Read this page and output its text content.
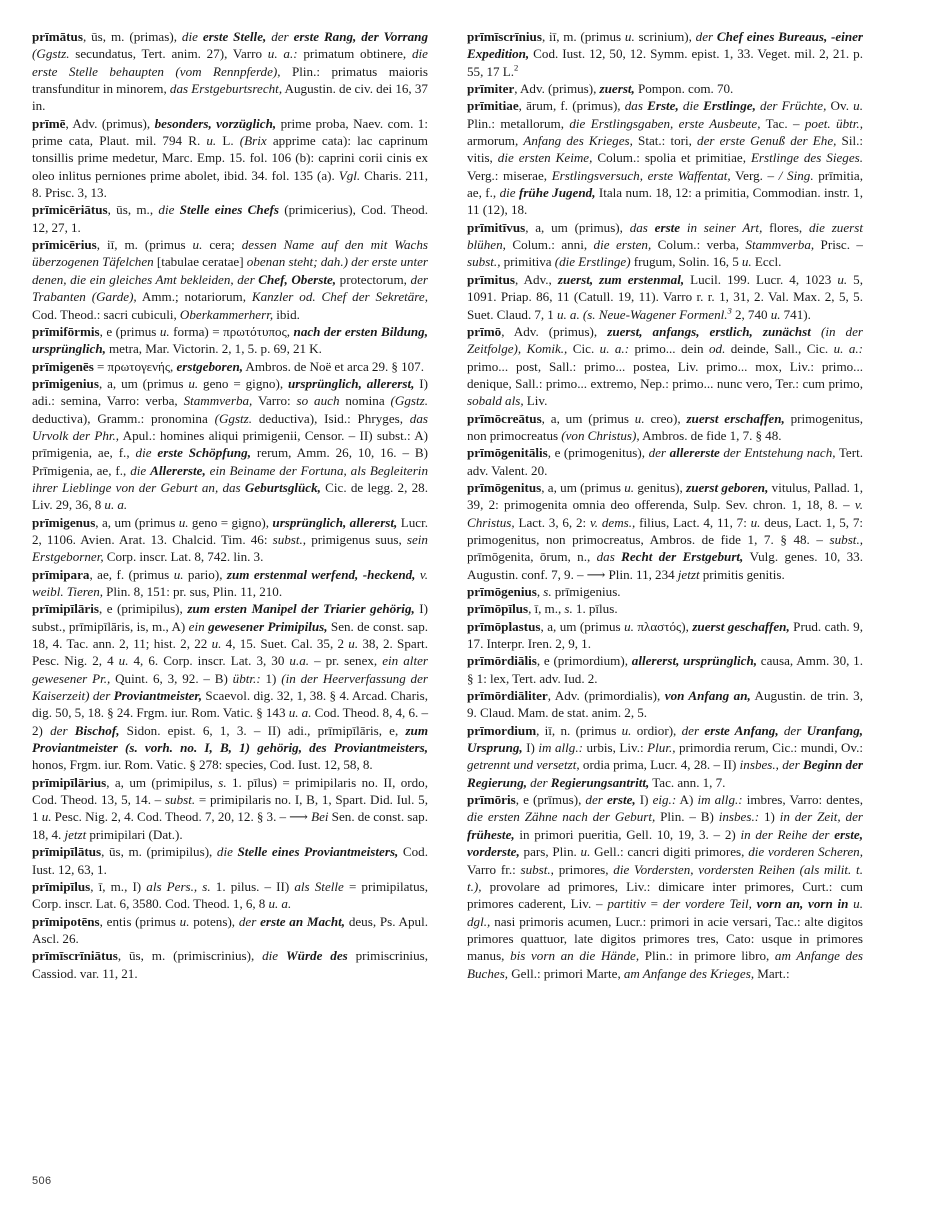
prīmātus, ūs, m. (primas), die erste Stelle, der erste Rang, der Vorrang (Ggstz. secundatus, Tert. anim. 27), Varro u. a.: primatum obtinere, die erste Stelle behaupten (vom Rennpferde), Plin.: primatus maioris transfunditur in minorem, das Erstgeburtsrecht, Augustin. de civ. dei 16, 37 in.

prīmē, Adv. (primus), besonders, vorzüglich, prime proba, Naev. com. 1: prime cata, Plaut. mil. 794 R. u. L. (Brix apprime cata): lac caprinum tonsillis prime medetur, Marc. Emp. 15. fol. 106 (b): caprini corii cinis ex oleo inlitus perniones prime abolet, ibid. 34. fol. 135 (a). Vgl. Charis. 211, 8. Prisc. 3, 13.

prīmicēriātus, ūs, m., die Stelle eines Chefs (primicerius), Cod. Theod. 12, 27, 1.

prīmicērius, iī, m. (primus u. cera; dessen Name auf den mit Wachs überzogenen Täfelchen [tabulae ceratae] obenan steht; dah.) der erste unter denen, die ein gleiches Amt bekleiden, der Chef, Oberste, protectorum, der Trabanten (Garde), Amm.; notariorum, Kanzler od. Chef der Sekretäre, Cod. Theod.: sacri cubiculi, Oberkammerherr, ibid.

prīmifōrmis, e (primus u. forma) = πρωτότυπος, nach der ersten Bildung, ursprünglich, metra, Mar. Victorin. 2, 1, 5. p. 69, 21 K.

prīmigenēs = πρωτογενής, erstgeboren, Ambros. de Noë et arca 29. § 107.

prīmigenius, a, um (primus u. geno = gigno), ursprünglich, allererst, I) adi.: semina, Varro: verba, Stammverba, Varro: so auch nomina (Ggstz. deductiva), Gramm.: pronomina (Ggstz. deductiva), Isid.: Phryges, das Urvolk der Phr., Apul.: homines aliqui primigenii, Censor. – II) subst.: A) prīmigenia, ae, f., die erste Schöpfung, rerum, Amm. 26, 10, 16. – B) Prīmigenia, ae, f., die Allererste, ein Beiname der Fortuna, als Begleiterin ihrer Lieblinge von der Geburt an, das Geburtsglück, Cic. de legg. 2, 28. Liv. 29, 36, 8 u. a.

prīmigenus, a, um (primus u. geno = gigno), ursprünglich, allererst, Lucr. 2, 1106. Avien. Arat. 13. Chalcid. Tim. 46: subst., primigenus suus, sein Erstgeborner, Corp. inscr. Lat. 8, 742. lin. 3.

prīmipara, ae, f. (primus u. pario), zum erstenmal werfend, -heckend, v. weibl. Tieren, Plin. 8, 151: pr. sus, Plin. 11, 210.

prīmipīlāris, e (primipilus), zum ersten Manipel der Triarier gehörig, I) subst., prīmipīlāris, is, m., A) ein gewesener Primipilus, Sen. de const. sap. 18, 4. Tac. ann. 2, 11; hist. 2, 22 u. 4, 15. Suet. Cal. 35, 2 u. 38, 2. Spart. Pesc. Nig. 2, 4 u. 4, 6. Corp. inscr. Lat. 3, 30 u.a. – pr. senex, ein alter gewesener Pr., Quint. 6, 3, 92. – B) übtr.: 1) (in der Heerverfassung der Kaiserzeit) der Proviantmeister, Scaevol. dig. 32, 1, 38. § 4. Arcad. Charis, dig. 50, 5, 18. § 24. Frgm. iur. Rom. Vatic. § 143 u. a. Cod. Theod. 8, 4, 6. – 2) der Bischof, Sidon. epist. 6, 1, 3. – II) adi., prīmipīlāris, e, zum Proviantmeister (s. vorh. no. I, B, 1) gehörig, des Proviantmeisters, honos, Frgm. iur. Rom. Vatic. § 278: species, Cod. Iust. 12, 58, 8.

prīmipīlārius, a, um (primipilus, s. 1. pīlus) = primipilaris no. II, ordo, Cod. Theod. 13, 5, 14. – subst. = primipilaris no. I, B, 1, Spart. Did. Iul. 5, 1 u. Pesc. Nig. 2, 4. Cod. Theod. 7, 20, 12. § 3. – ⟶ Bei Sen. de const. sap. 18, 4. jetzt primipilari (Dat.).

prīmipīlātus, ūs, m. (primipilus), die Stelle eines Proviantmeisters, Cod. Iust. 12, 63, 1.

prīmipīlus, ī, m., I) als Pers., s. 1. pilus. – II) als Stelle = primipilatus, Corp. inscr. Lat. 6, 3580. Cod. Theod. 1, 6, 8 u. a.

prīmipotēns, entis (primus u. potens), der erste an Macht, deus, Ps. Apul. Ascl. 26.

prīmīscrīniātus, ūs, m. (primiscrinius), die Würde des primiscrinius, Cassiod. var. 11, 21.

prīmīscrīnius, iī, m. (primus u. scrinium), der Chef eines Bureaus, -einer Expedition, Cod. Iust. 12, 50, 12. Symm. epist. 1, 33. Veget. mil. 2, 21. p. 55, 17 L.$^2$

prīmiter, Adv. (primus), zuerst, Pompon. com. 70.

prīmitiae, ārum, f. (primus), das Erste, die Erstlinge, der Früchte, Ov. u. Plin.: metallorum, die Erstlingsgaben, erste Ausbeute, Tac. – poet. übtr., armorum, Anfang des Krieges, Stat.: tori, der erste Genuß der Ehe, Sil.: vitis, die ersten Keime, Colum.: spolia et primitiae, Erstlinge des Sieges. Verg.: miserae, Erstlingsversuch, erste Waffentat, Verg. – / Sing. prīmitia, ae, f., die frühe Jugend, Itala num. 18, 12: a primitia, Commodian. instr. 1, 11 (12), 18.

prīmitīvus, a, um (primus), das erste in seiner Art, flores, die zuerst blühen, Colum.: anni, die ersten, Colum.: verba, Stammverba, Prisc. – subst., primitiva (die Erstlinge) frugum, Solin. 16, 5 u. Eccl.

prīmitus, Adv., zuerst, zum erstenmal, Lucil. 199. Lucr. 4, 1023 u. 5, 1091. Priap. 86, 11 (Catull. 19, 11). Varro r. r. 1, 31, 2. Val. Max. 2, 5, 5. Suet. Claud. 7, 1 u. a. (s. Neue-Wagener Formenl.$^3$ 2, 740 u. 741).

prīmō, Adv. (primus), zuerst, anfangs, erstlich, zunächst (in der Zeitfolge), Komik., Cic. u. a.: primo... dein od. deinde, Sall., Cic. u. a.: primo... post, Sall.: primo... postea, Liv. primo... mox, Liv.: primo... denique, Sall.: primo... extremo, Nep.: primo... nunc vero, Ter.: cum primo, sobald als, Liv.

prīmōcreātus, a, um (primus u. creo), zuerst erschaffen, primogenitus, non primocreatus (von Christus), Ambros. de fide 1, 7. § 48.

prīmōgenitālis, e (primogenitus), der allererste der Entstehung nach, Tert. adv. Valent. 20.

prīmōgenitus, a, um (primus u. genitus), zuerst geboren, vitulus, Pallad. 1, 39, 2: primogenita omnia deo offerenda, Sulp. Sev. chron. 1, 18, 8. – v. Christus, Lact. 3, 6, 2: v. dems., filius, Lact. 4, 11, 7: u. deus, Lact. 1, 5, 7: primogenitus, non primocreatus, Ambros. de fide 1, 7. § 48. – subst., prīmōgenita, ōrum, n., das Recht der Erstgeburt, Vulg. genes. 10, 33. Augustin. conf. 7, 9. – ⟶ Plin. 11, 234 jetzt primitis genitis.

prīmōgenius, s. prīmigenius.

prīmōpīlus, ī, m., s. 1. pīlus.

prīmōplastus, a, um (primus u. πλαστός), zuerst geschaffen, Prud. cath. 9, 17. Interpr. Iren. 2, 9, 1.

prīmōrdiālis, e (primordium), allererst, ursprünglich, causa, Amm. 30, 1. § 1: lex, Tert. adv. Iud. 2.

prīmōrdiāliter, Adv. (primordialis), von Anfang an, Augustin. de trin. 3, 9. Claud. Mam. de stat. anim. 2, 5.

prīmordium, iī, n. (primus u. ordior), der erste Anfang, der Uranfang, Ursprung, I) im allg.: urbis, Liv.: Plur., primordia rerum, Cic.: mundi, Ov.: getrennt und versetzt, ordia prima, Lucr. 4, 28. – II) insbes., der Beginn der Regierung, der Regierungsantritt, Tac. ann. 1, 7.

prīmōris, e (prīmus), der erste, I) eig.: A) im allg.: imbres, Varro: dentes, die ersten Zähne nach der Geburt, Plin. – B) insbes.: 1) in der Zeit, der früheste, in primori pueritia, Gell. 10, 19, 3. – 2) in der Reihe der erste, vorderste, pars, Plin. u. Gell.: cancri digiti primores, die vorderen Scheren, Varro fr.: subst., primores, die Vordersten, vordersten Reihen (als milit. t. t.), provolare ad primores, Liv.: dimicare inter primores, Curt.: cum primores caderent, Liv. – partitiv = der vordere Teil, vorn an, vorn in u. dgl., nasi primoris acumen, Lucr.: primori in acie versari, Tac.: alte digitos primores quattuor, late digitos primores tres, Cato: usque in primores manus, bis vorn an die Hände, Plin.: in primore libro, am Anfange des Buches, Gell.: primori Marte, am Anfange des Krieges, Mart.:

506
